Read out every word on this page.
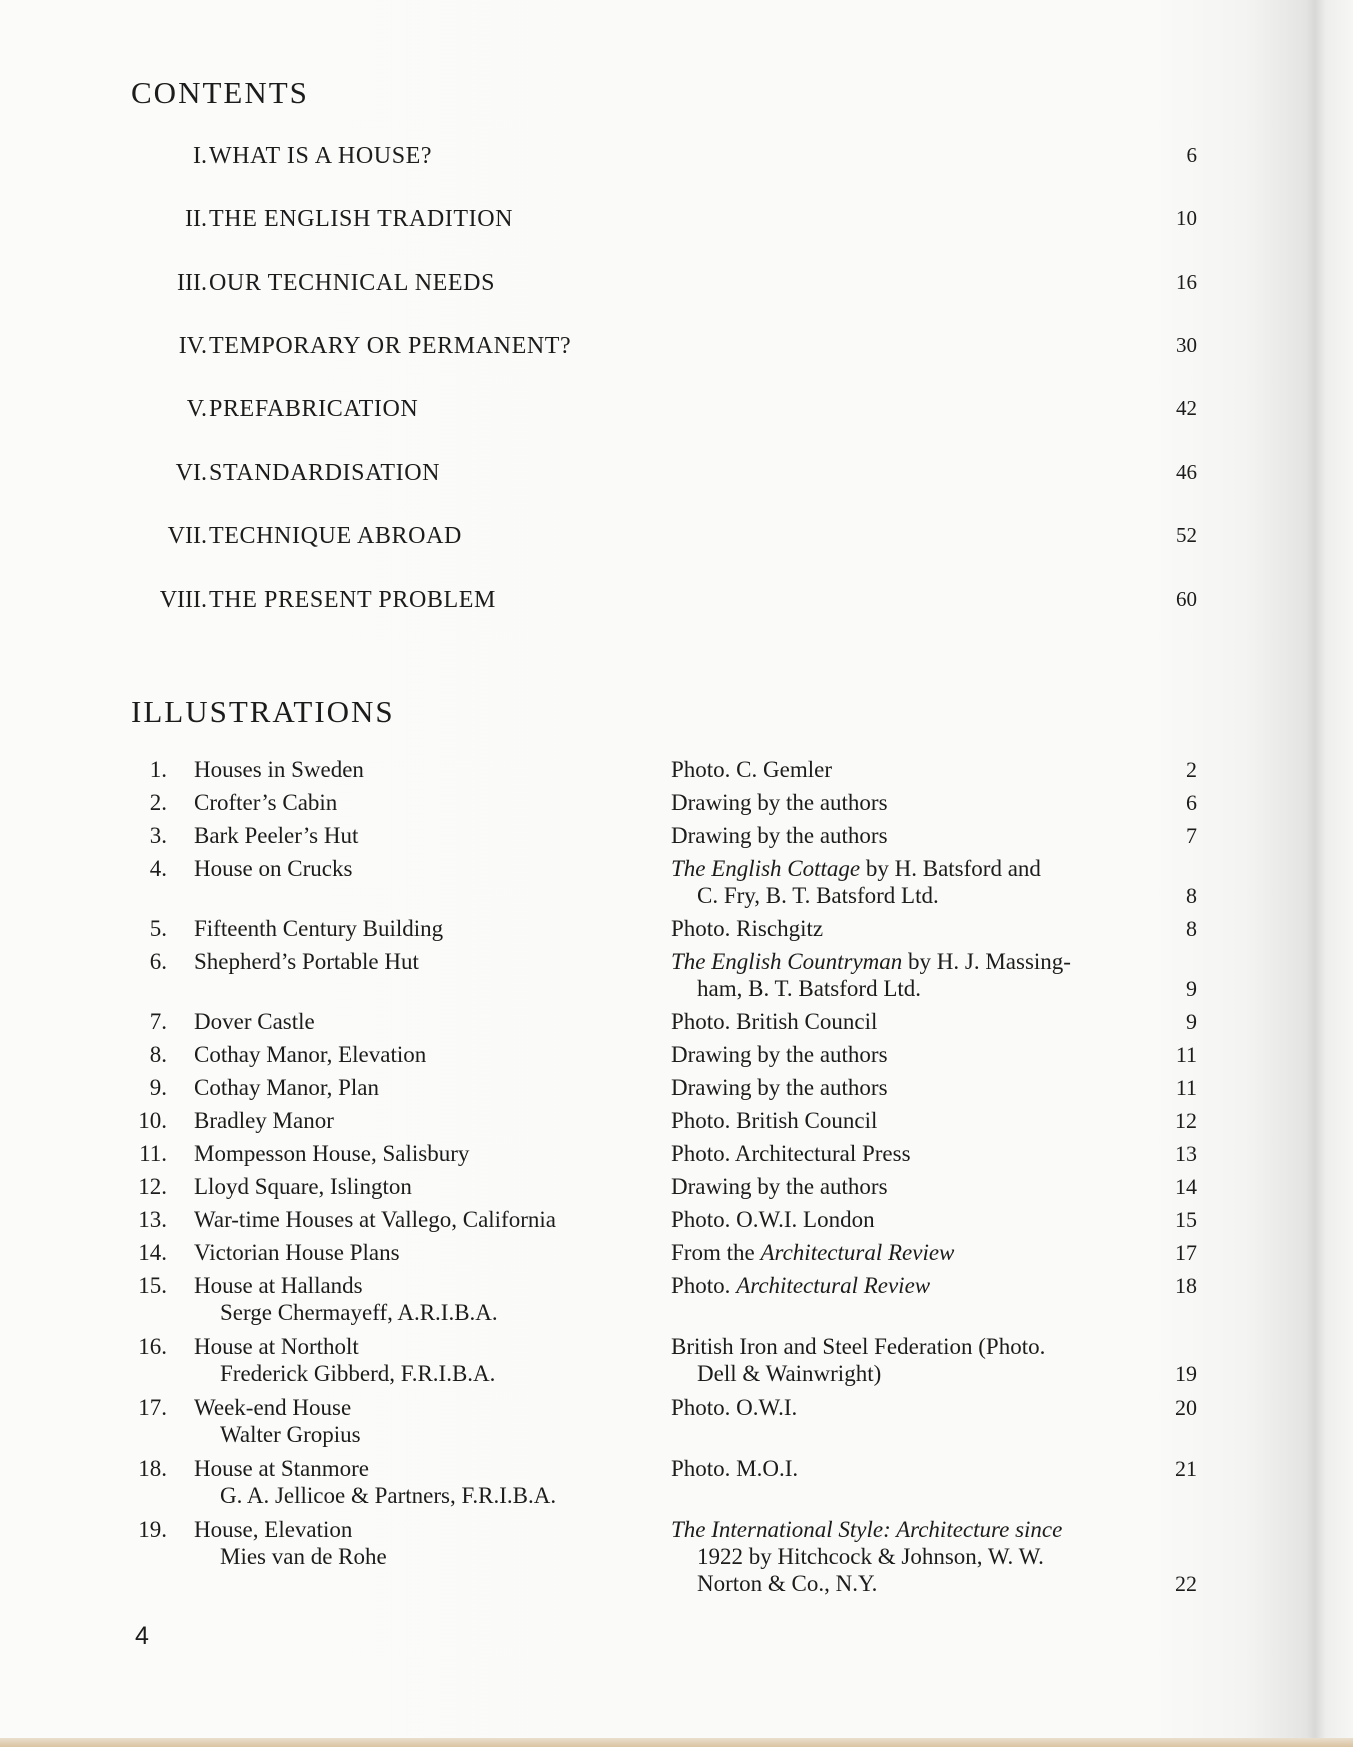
CONTENTS
I. WHAT IS A HOUSE?	6
II. THE ENGLISH TRADITION	10
III. OUR TECHNICAL NEEDS	16
IV. TEMPORARY OR PERMANENT?	30
V. PREFABRICATION	42
VI. STANDARDISATION	46
VII. TECHNIQUE ABROAD	52
VIII. THE PRESENT PROBLEM	60
ILLUSTRATIONS
1. Houses in Sweden	Photo. C. Gemler	2
2. Crofter’s Cabin	Drawing by the authors	6
3. Bark Peeler’s Hut	Drawing by the authors	7
4. House on Crucks	The English Cottage by H. Batsford and
C. Fry, B. T. Batsford Ltd.	8
5. Fifteenth Century Building	Photo. Rischgitz	8
6. Shepherd’s Portable Hut	The English Countryman by H. J. Massing-
ham, B. T. Batsford Ltd.	9
7. Dover Castle	Photo. British Council	9
8. Cothay Manor, Elevation	Drawing by the authors	11
9. Cothay Manor, Plan	Drawing by the authors	11
10. Bradley Manor	Photo. British Council	12
11. Mompesson House, Salisbury	Photo. Architectural Press	13
12. Lloyd Square, Islington	Drawing by the authors	14
13. War-time Houses at Vallego, California	Photo. O.W.I. London	15
14. Victorian House Plans	From the Architectural Review	17
15. House at Hallands
Serge Chermayeff, A.R.I.B.A.
Photo. Architectural Review	18
16. House at Northolt
Frederick Gibberd, F.R.I.B.A.
British Iron and Steel Federation (Photo.
Dell & Wainwright)	19
17. Week-end House
Walter Gropius
Photo. O.W.I.	20
18. House at Stanmore
G. A. Jellicoe & Partners, F.R.I.B.A.
Photo. M.O.I.	21
19. House, Elevation
Mies van de Rohe
The International Style: Architecture since
1922 by Hitchcock & Johnson, W. W.
Norton & Co., N.Y.	22
4
